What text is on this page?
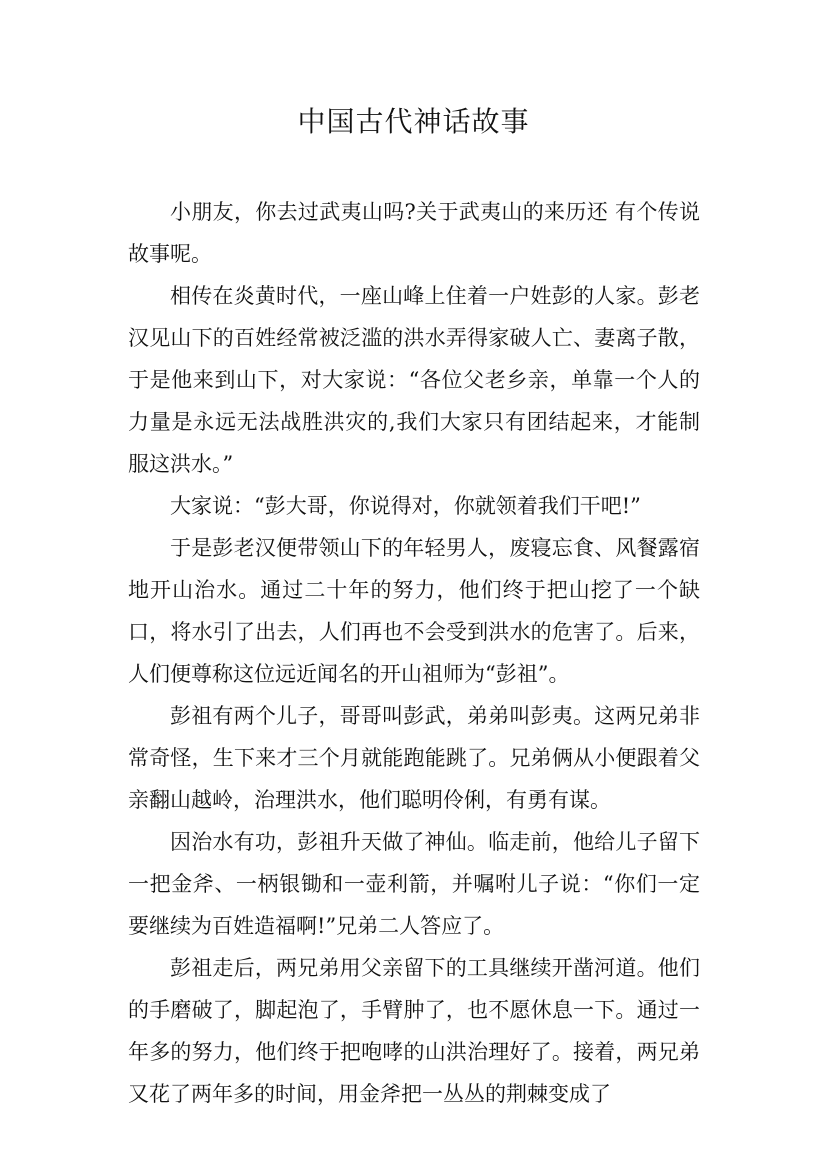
中国古代神话故事

小朋友，你去过武夷山吗?关于武夷山的来历还 有个传说故事呢。

相传在炎黄时代，一座山峰上住着一户姓彭的人家。彭老汉见山下的百姓经常被泛滥的洪水弄得家破人亡、妻离子散，于是他来到山下，对大家说：“各位父老乡亲，单靠一个人的力量是永远无法战胜洪灾的,我们大家只有团结起来，才能制服这洪水。”

大家说：“彭大哥，你说得对，你就领着我们干吧!”

于是彭老汉便带领山下的年轻男人，废寝忘食、风餐露宿地开山治水。通过二十年的努力，他们终于把山挖了一个缺口，将水引了出去，人们再也不会受到洪水的危害了。后来，人们便尊称这位远近闻名的开山祖师为“彭祖”。

彭祖有两个儿子，哥哥叫彭武，弟弟叫彭夷。这两兄弟非常奇怪，生下来才三个月就能跑能跳了。兄弟俩从小便跟着父亲翻山越岭，治理洪水，他们聪明伶俐，有勇有谋。

因治水有功，彭祖升天做了神仙。临走前，他给儿子留下一把金斧、一柄银锄和一壶利箭，并嘱咐儿子说：“你们一定要继续为百姓造福啊!”兄弟二人答应了。

彭祖走后，两兄弟用父亲留下的工具继续开凿河道。他们的手磨破了，脚起泡了，手臂肿了，也不愿休息一下。通过一年多的努力，他们终于把咆哮的山洪治理好了。接着，两兄弟又花了两年多的时间，用金斧把一丛丛的荆棘变成了
